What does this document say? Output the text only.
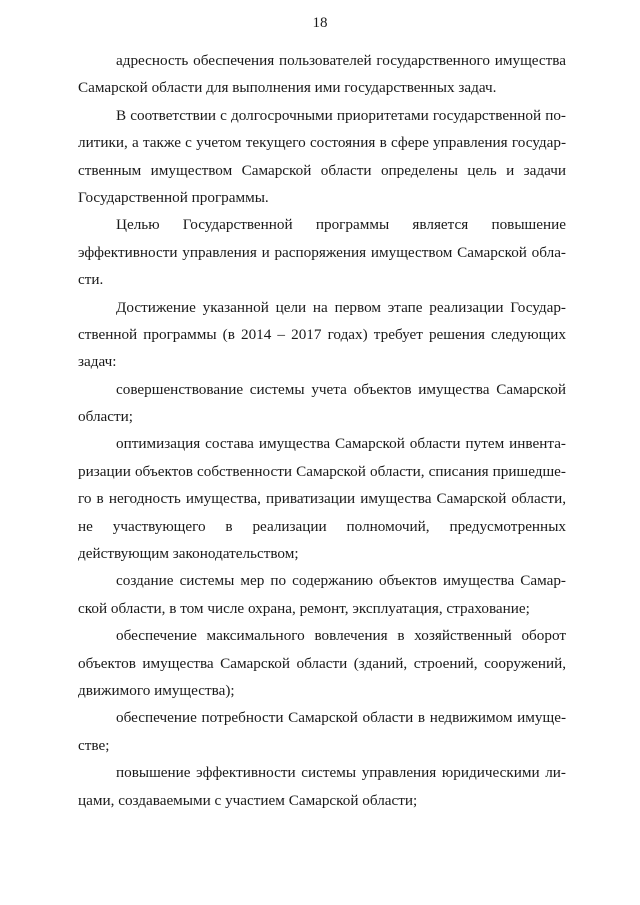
18
адресность обеспечения пользователей государственного имущества
Самарской области для выполнения ими государственных задач.
В соответствии с долгосрочными приоритетами государственной по-
литики, а также с учетом текущего состояния в сфере управления государ-
ственным имуществом Самарской области определены цель и задачи
Государственной программы.
Целью Государственной программы является повышение
эффективности управления и распоряжения имуществом Самарской обла-
сти.
Достижение указанной цели на первом этапе реализации Государ-
ственной программы (в 2014 – 2017 годах) требует решения следующих
задач:
совершенствование системы учета объектов имущества Самарской
области;
оптимизация состава имущества Самарской области путем инвента-
ризации объектов собственности Самарской области, списания пришедше-
го в негодность имущества, приватизации имущества Самарской области,
не участвующего в реализации полномочий, предусмотренных
действующим законодательством;
создание системы мер по содержанию объектов имущества Самар-
ской области, в том числе охрана, ремонт, эксплуатация, страхование;
обеспечение максимального вовлечения в хозяйственный оборот
объектов имущества Самарской области (зданий, строений, сооружений,
движимого имущества);
обеспечение потребности Самарской области в недвижимом имуще-
стве;
повышение эффективности системы управления юридическими ли-
цами, создаваемыми с участием Самарской области;
